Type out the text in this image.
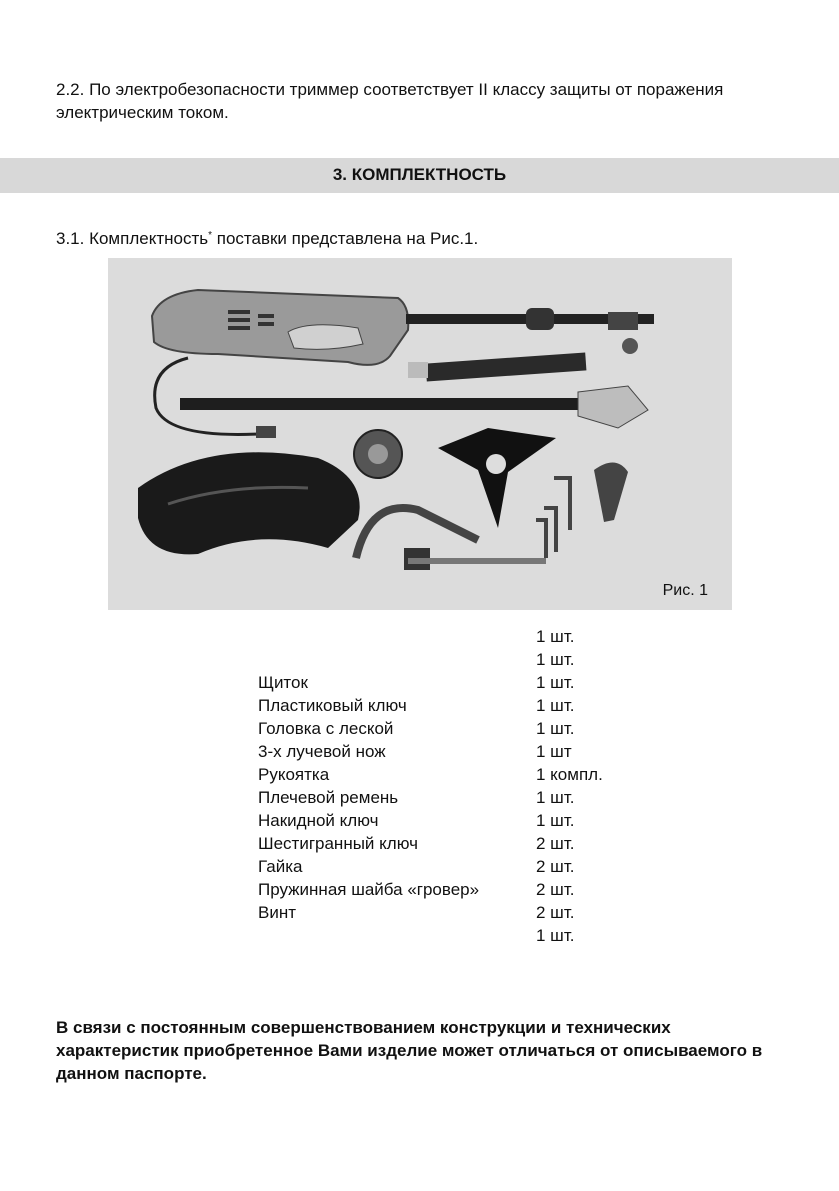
2.2. По электробезопасности триммер соответствует II классу защиты от поражения электрическим током.

3. КОМПЛЕКТНОСТЬ

3.1. Комплектность* поставки представлена на Рис.1.

Рис. 1
1 шт.
1 шт.
Щиток	1 шт.
Пластиковый ключ	1 шт.
Головка с леской	1 шт.
3-х лучевой нож	1 шт
Рукоятка	1 компл.
Плечевой ремень	1 шт.
Накидной ключ	1 шт.
Шестигранный ключ	2 шт.
Гайка	2 шт.
Пружинная шайба «гровер»	2 шт.
Винт	2 шт.
1 шт.

В связи с постоянным совершенствованием конструкции и технических характеристик приобретенное Вами изделие может отличаться от описываемого в данном паспорте.
